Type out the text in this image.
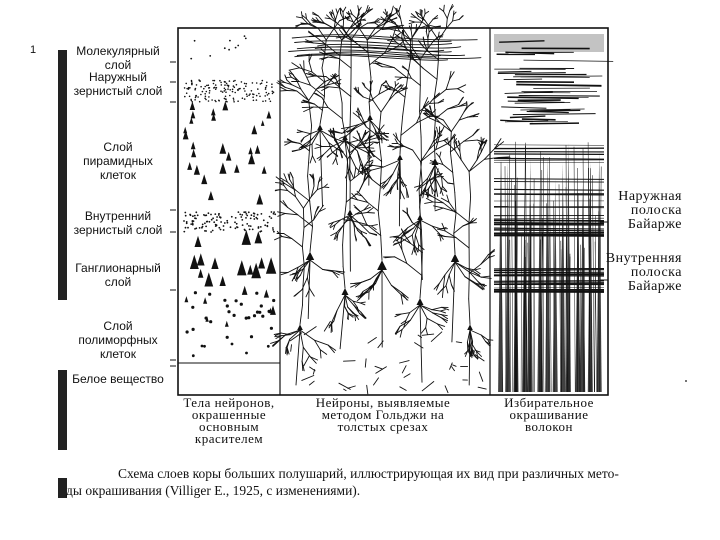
1	Молекулярный слой
Наружный зернистый слой
Слой пирамидных клеток
Внутренний зернистый слой
Ганглионарный слой
Слой полиморфных клеток
Белое вещество
Наружная полоска Байарже
Внутренняя полоска Байарже
Тела нейронов, окрашенные основным красителем
Нейроны, выявляемые методом Гольджи на толстых срезах
Избирательное окрашивание волокон
Схема слоев коры больших полушарий, иллюстрирующая их вид при различных мето-
ды окрашивания (Villiger E., 1925, с изменениями).
